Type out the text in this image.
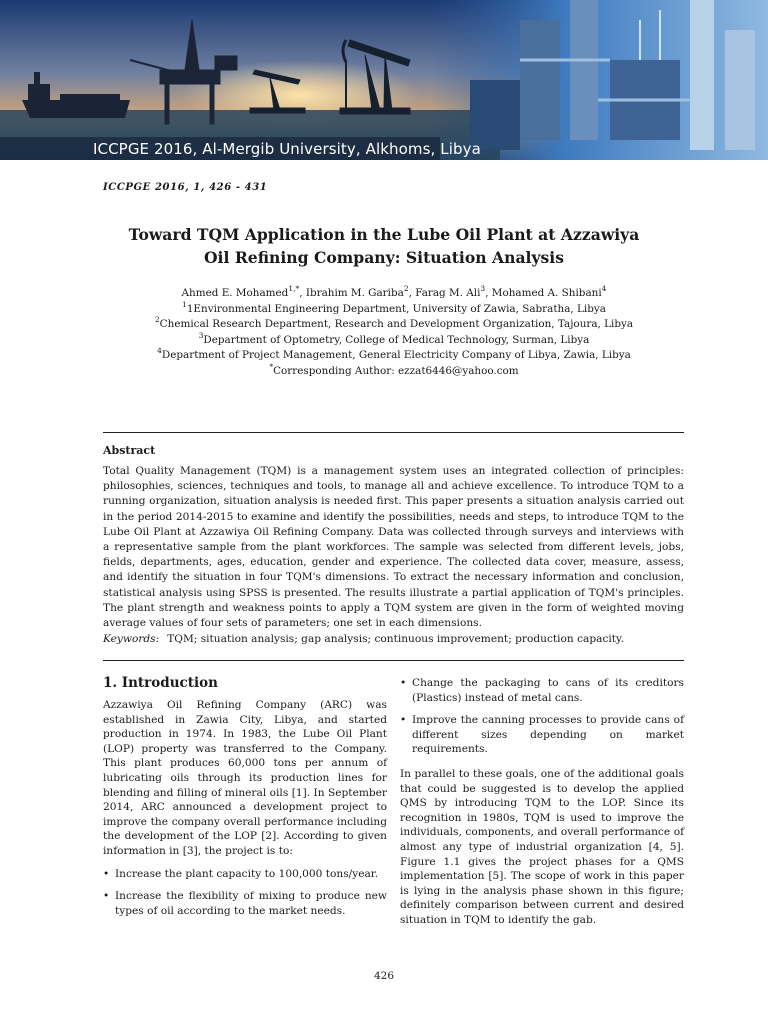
ICCPGE 2016, Al-Mergib University, Alkhoms, Libya
ICCPGE 2016, 1, 426 - 431
Toward TQM Application in the Lube Oil Plant at Azzawiya
Oil Refining Company: Situation Analysis
Ahmed E. Mohamed$^{1,*}$, Ibrahim M. Gariba$^2$, Farag M. Ali$^3$, Mohamed A. Shibani$^4$
$^1$1Environmental Engineering Department, University of Zawia, Sabratha, Libya
$^2$Chemical Research Department, Research and Development Organization, Tajoura, Libya
$^3$Department of Optometry, College of Medical Technology, Surman, Libya
$^4$Department of Project Management, General Electricity Company of Libya, Zawia, Libya
*Corresponding Author: ezzat6446@yahoo.com
Abstract
Total Quality Management (TQM) is a management system uses an integrated collection of principles: philosophies, sciences, techniques and tools, to manage all and achieve excellence. To introduce TQM to a running organization, situation analysis is needed first. This paper presents a situation analysis carried out in the period 2014-2015 to examine and identify the possibilities, needs and steps, to introduce TQM to the Lube Oil Plant at Azzawiya Oil Refining Company. Data was collected through surveys and interviews with a representative sample from the plant workforces. The sample was selected from different levels, jobs, fields, departments, ages, education, gender and experience. The collected data cover, measure, assess, and identify the situation in four TQM's dimensions. To extract the necessary information and conclusion, statistical analysis using SPSS is presented. The results illustrate a partial application of TQM's principles. The plant strength and weakness points to apply a TQM system are given in the form of weighted moving average values of four sets of parameters; one set in each dimensions.
Keywords: TQM; situation analysis; gap analysis; continuous improvement; production capacity.
1. Introduction

Azzawiya Oil Refining Company (ARC) was established in Zawia City, Libya, and started production in 1974. In 1983, the Lube Oil Plant (LOP) property was transferred to the Company. This plant produces 60,000 tons per annum of lubricating oils through its production lines for blending and filling of mineral oils [1]. In September 2014, ARC announced a development project to improve the company overall performance including the development of the LOP [2]. According to given information in [3], the project is to:

• Increase the plant capacity to 100,000 tons/year.
• Increase the flexibility of mixing to produce new types of oil according to the market needs.
• Change the packaging to cans of its creditors (Plastics) instead of metal cans.
• Improve the canning processes to provide cans of different sizes depending on market requirements.

In parallel to these goals, one of the additional goals that could be suggested is to develop the applied QMS by introducing TQM to the LOP. Since its recognition in 1980s, TQM is used to improve the individuals, components, and overall performance of almost any type of industrial organization [4, 5]. Figure 1.1 gives the project phases for a QMS implementation [5]. The scope of work in this paper is lying in the analysis phase shown in this figure; definitely comparison between current and desired situation in TQM to identify the gab.

426
